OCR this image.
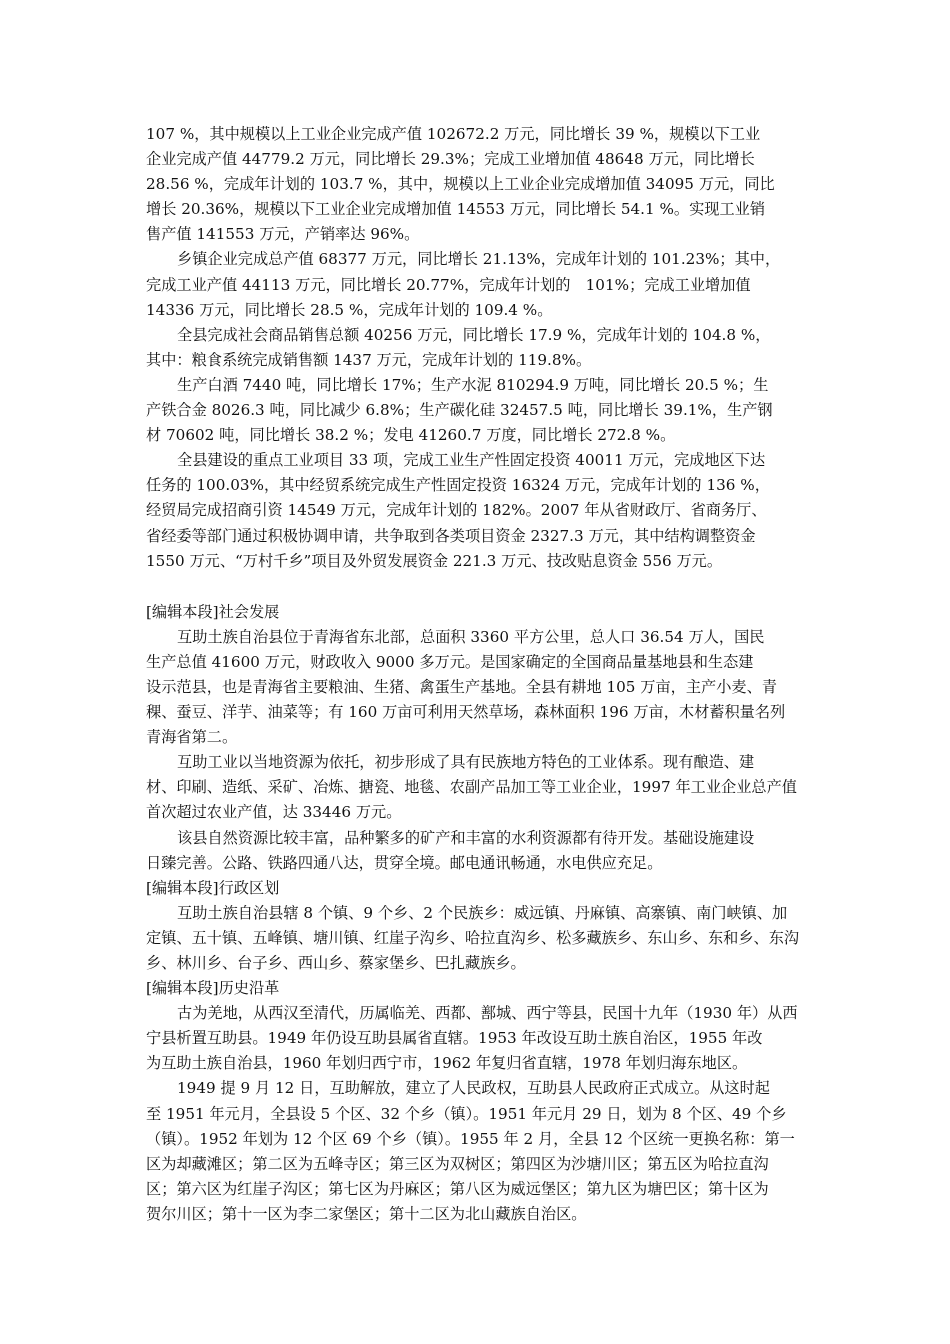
107 %，其中规模以上工业企业完成产值 102672.2 万元，同比增长 39 %，规模以下工业
企业完成产值 44779.2 万元，同比增长 29.3%；完成工业增加值 48648 万元，同比增长
28.56 %，完成年计划的 103.7 %，其中，规模以上工业企业完成增加值 34095 万元，同比
增长 20.36%，规模以下工业企业完成增加值 14553 万元，同比增长 54.1 %。实现工业销
售产值 141553 万元，产销率达 96%。
乡镇企业完成总产值 68377 万元，同比增长 21.13%，完成年计划的 101.23%；其中，
完成工业产值 44113 万元，同比增长 20.77%，完成年计划的　101%；完成工业增加值
14336 万元，同比增长 28.5 %，完成年计划的 109.4 %。
全县完成社会商品销售总额 40256 万元，同比增长 17.9 %，完成年计划的 104.8 %，
其中：粮食系统完成销售额 1437 万元，完成年计划的 119.8%。
生产白酒 7440 吨，同比增长 17%；生产水泥 810294.9 万吨，同比增长 20.5 %；生
产铁合金 8026.3 吨，同比减少 6.8%；生产碳化硅 32457.5 吨，同比增长 39.1%，生产钢
材 70602 吨，同比增长 38.2 %；发电 41260.7 万度，同比增长 272.8 %。
全县建设的重点工业项目 33 项，完成工业生产性固定投资 40011 万元，完成地区下达
任务的 100.03%，其中经贸系统完成生产性固定投资 16324 万元，完成年计划的 136 %，
经贸局完成招商引资 14549 万元，完成年计划的 182%。2007 年从省财政厅、省商务厅、
省经委等部门通过积极协调申请，共争取到各类项目资金 2327.3 万元，其中结构调整资金
1550 万元、“万村千乡”项目及外贸发展资金 221.3 万元、技改贴息资金 556 万元。
[编辑本段]社会发展
互助土族自治县位于青海省东北部，总面积 3360 平方公里，总人口 36.54 万人，国民
生产总值 41600 万元，财政收入 9000 多万元。是国家确定的全国商品量基地县和生态建
设示范县，也是青海省主要粮油、生猪、禽蛋生产基地。全县有耕地 105 万亩，主产小麦、青
稞、蚕豆、洋芋、油菜等；有 160 万亩可利用天然草场，森林面积 196 万亩，木材蓄积量名列
青海省第二。
互助工业以当地资源为依托，初步形成了具有民族地方特色的工业体系。现有酿造、建
材、印刷、造纸、采矿、冶炼、搪瓷、地毯、农副产品加工等工业企业，1997 年工业企业总产值
首次超过农业产值，达 33446 万元。
该县自然资源比较丰富，品种繁多的矿产和丰富的水利资源都有待开发。基础设施建设
日臻完善。公路、铁路四通八达，贯穿全境。邮电通讯畅通，水电供应充足。
[编辑本段]行政区划
互助土族自治县辖 8 个镇、9 个乡、2 个民族乡：威远镇、丹麻镇、高寨镇、南门峡镇、加
定镇、五十镇、五峰镇、塘川镇、红崖子沟乡、哈拉直沟乡、松多藏族乡、东山乡、东和乡、东沟
乡、林川乡、台子乡、西山乡、蔡家堡乡、巴扎藏族乡。
[编辑本段]历史沿革
古为羌地，从西汉至清代，历属临羌、西都、鄯城、西宁等县，民国十九年（1930 年）从西
宁县析置互助县。1949 年仍设互助县属省直辖。1953 年改设互助土族自治区，1955 年改
为互助土族自治县，1960 年划归西宁市，1962 年复归省直辖，1978 年划归海东地区。
1949 提 9 月 12 日，互助解放，建立了人民政权，互助县人民政府正式成立。从这时起
至 1951 年元月，全县设 5 个区、32 个乡（镇）。1951 年元月 29 日，划为 8 个区、49 个乡
（镇）。1952 年划为 12 个区 69 个乡（镇）。1955 年 2 月，全县 12 个区统一更换名称：第一
区为却藏滩区；第二区为五峰寺区；第三区为双树区；第四区为沙塘川区；第五区为哈拉直沟
区；第六区为红崖子沟区；第七区为丹麻区；第八区为威远堡区；第九区为塘巴区；第十区为
贺尔川区；第十一区为李二家堡区；第十二区为北山藏族自治区。
